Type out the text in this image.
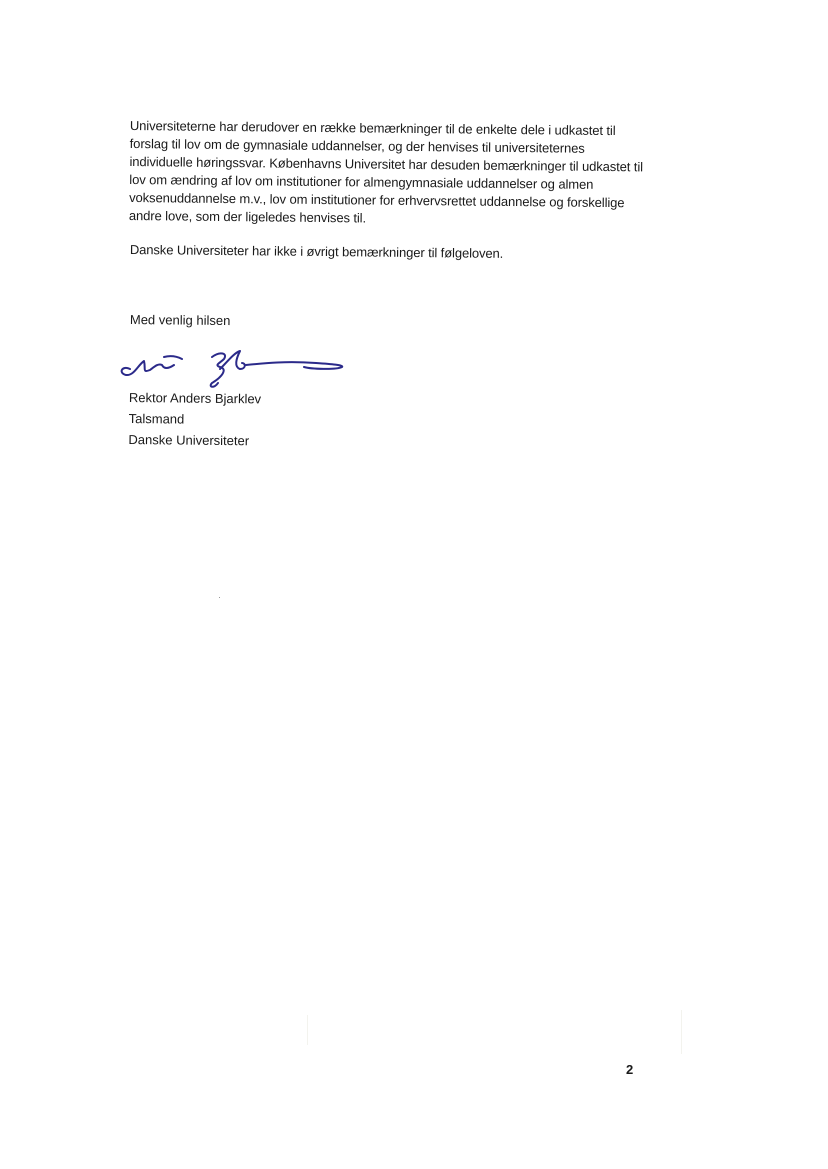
Universiteterne har derudover en række bemærkninger til de enkelte dele i udkastet til forslag til lov om de gymnasiale uddannelser, og der henvises til universiteternes individuelle høringssvar. Københavns Universitet har desuden bemærkninger til udkastet til lov om ændring af lov om institutioner for almengymnasiale uddannelser og almen voksenuddannelse m.v., lov om institutioner for erhvervsrettet uddannelse og forskellige andre love, som der ligeledes henvises til.

Danske Universiteter har ikke i øvrigt bemærkninger til følgeloven.

Med venlig hilsen

Rektor Anders Bjarklev
Talsmand
Danske Universiteter
2
